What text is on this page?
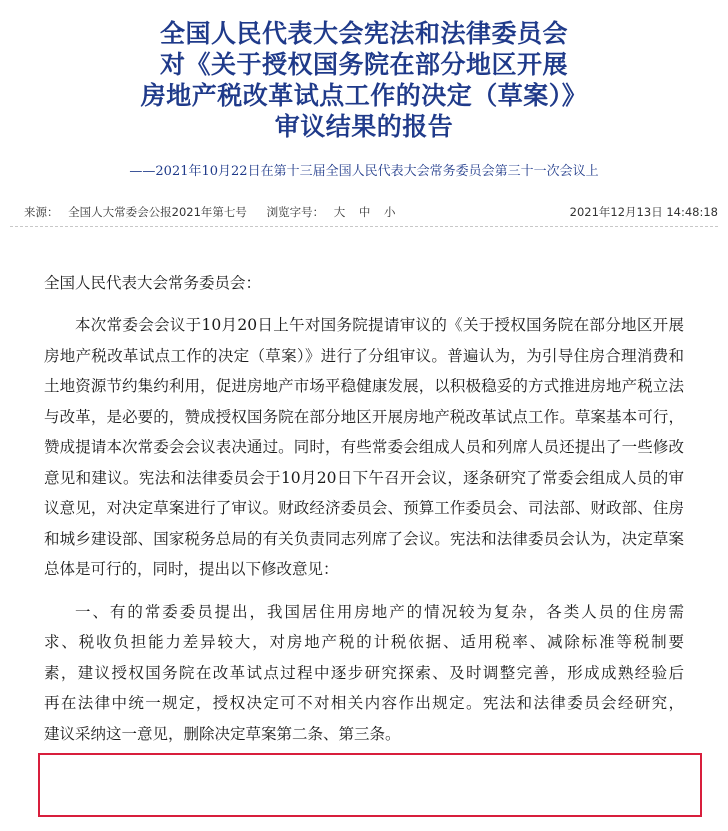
全国人民代表大会宪法和法律委员会
对《关于授权国务院在部分地区开展
房地产税改革试点工作的决定（草案）》
审议结果的报告
——2021年10月22日在第十三届全国人民代表大会常务委员会第三十一次会议上
来源： 全国人大常委会公报2021年第七号 浏览字号： 大 中 小	2021年12月13日 14:48:18

全国人民代表大会常务委员会：

本次常委会会议于10月20日上午对国务院提请审议的《关于授权国务院在部分地区开展房地产税改革试点工作的决定（草案）》进行了分组审议。普遍认为，为引导住房合理消费和土地资源节约集约利用，促进房地产市场平稳健康发展，以积极稳妥的方式推进房地产税立法与改革，是必要的，赞成授权国务院在部分地区开展房地产税改革试点工作。草案基本可行，赞成提请本次常委会会议表决通过。同时，有些常委会组成人员和列席人员还提出了一些修改意见和建议。宪法和法律委员会于10月20日下午召开会议，逐条研究了常委会组成人员的审议意见，对决定草案进行了审议。财政经济委员会、预算工作委员会、司法部、财政部、住房和城乡建设部、国家税务总局的有关负责同志列席了会议。宪法和法律委员会认为，决定草案总体是可行的，同时，提出以下修改意见：

一、有的常委委员提出，我国居住用房地产的情况较为复杂，各类人员的住房需
求、税收负担能力差异较大，对房地产税的计税依据、适用税率、减除标准等税制要
素，建议授权国务院在改革试点过程中逐步研究探索、及时调整完善，形成成熟经验后
再在法律中统一规定，授权决定可不对相关内容作出规定。宪法和法律委员会经研究，
建议采纳这一意见，删除决定草案第二条、第三条。
